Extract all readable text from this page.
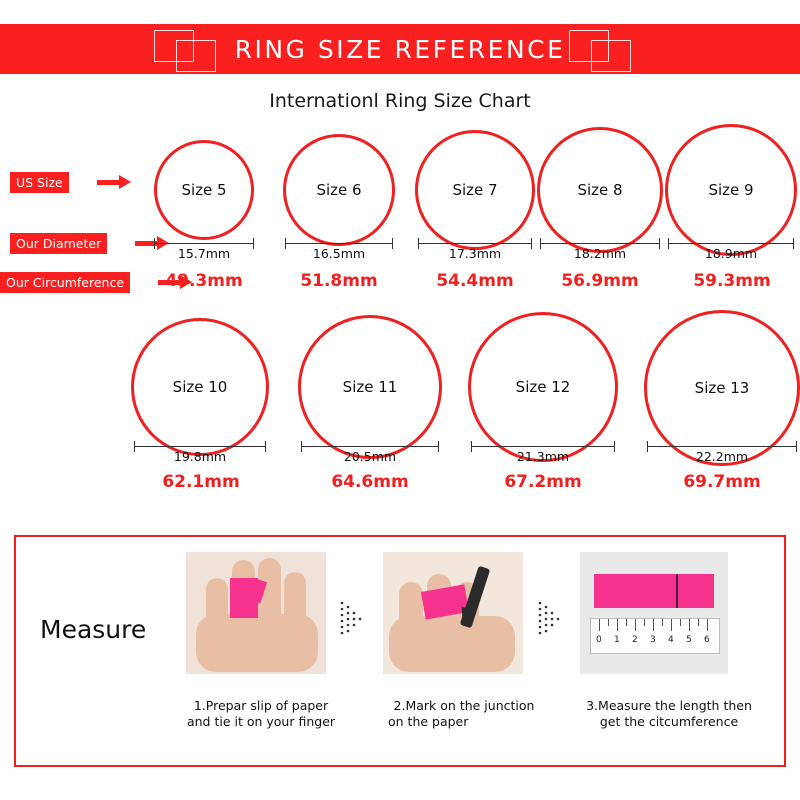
RING SIZE REFERENCE
Internationl Ring Size Chart
US Size
Our Diameter
Our Circumference
Size 5
15.7mm
49.3mm
Size 6
16.5mm
51.8mm
Size 7
17.3mm
54.4mm
Size 8
18.2mm
56.9mm
Size 9
18.9mm
59.3mm
Size 10
19.8mm
62.1mm
Size 11
20.5mm
64.6mm
Size 12
21.3mm
67.2mm
Size 13
22.2mm
69.7mm
Measure	0 1 2 3 4 5 6
1.Prepar slip of paper
and tie it on your finger
2.Mark on the junction
on the paper
3.Measure the length then
get the citcumference
